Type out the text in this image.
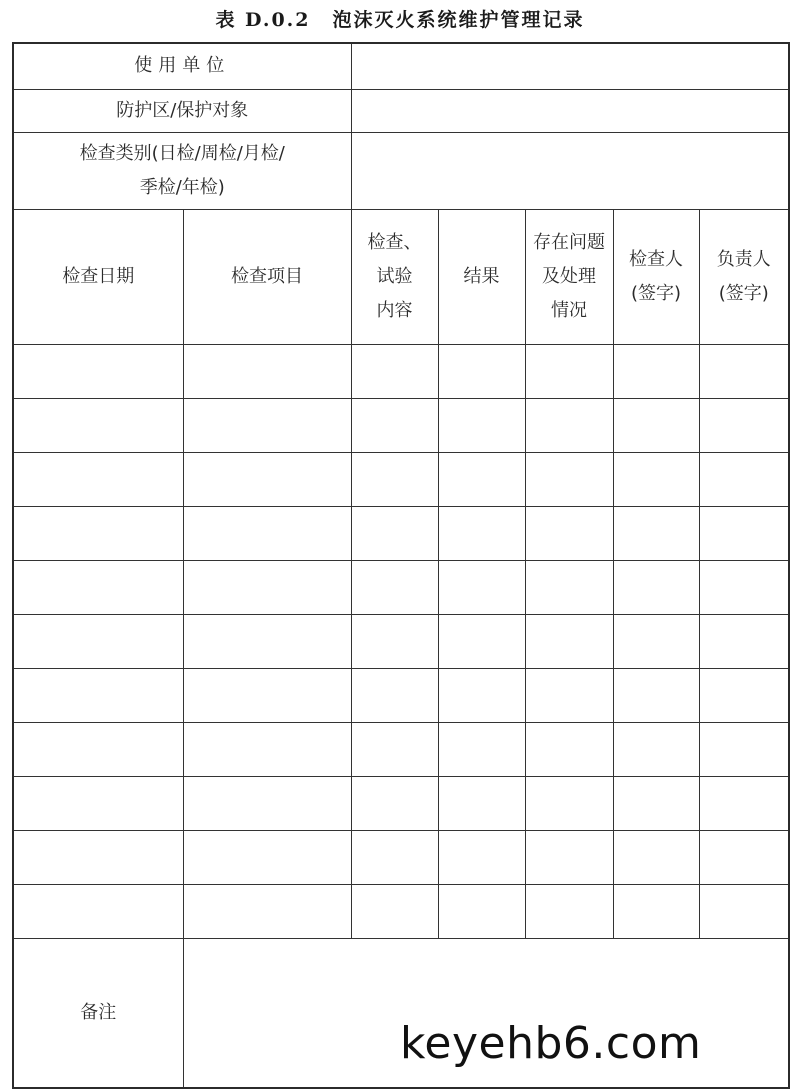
表 D.0.2 泡沫灭火系统维护管理记录
使用单位						
防护区/保护对象						

检查类别(日检/周检/月检/
季检/年检)						

检查日期	检查项目	检查、
试验
内容	结果	存在问题
及处理
情况	检查人
(签字)	负责人
(签字)

备注						
keyehb6.com
